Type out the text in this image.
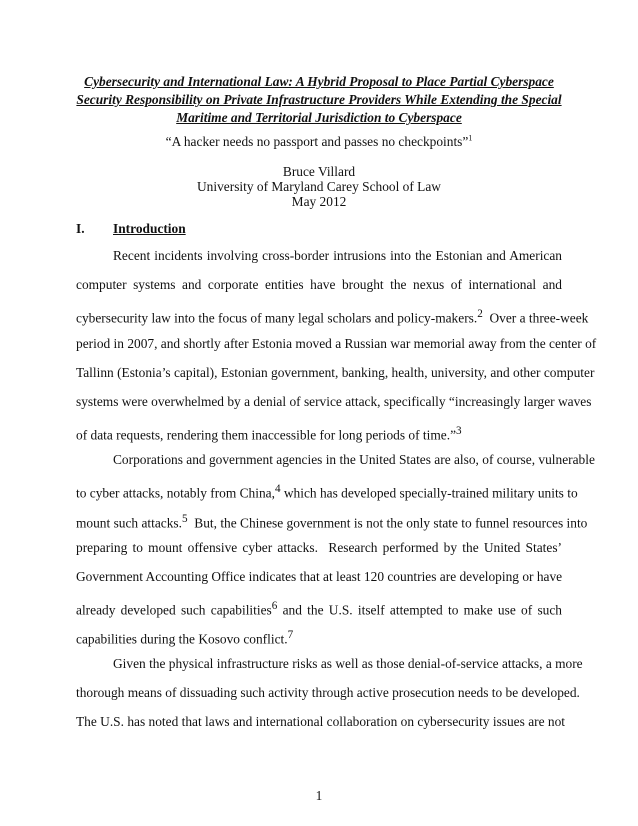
Cybersecurity and International Law: A Hybrid Proposal to Place Partial Cyberspace
Security Responsibility on Private Infrastructure Providers While Extending the Special
Maritime and Territorial Jurisdiction to Cyberspace
“A hacker needs no passport and passes no checkpoints”$^1$
Bruce Villard
University of Maryland Carey School of Law
May 2012
I. Introduction
Recent incidents involving cross-border intrusions into the Estonian and American
computer systems and corporate entities have brought the nexus of international and
cybersecurity law into the focus of many legal scholars and policy-makers.$^2$  Over a three-week
period in 2007, and shortly after Estonia moved a Russian war memorial away from the center of
Tallinn (Estonia’s capital), Estonian government, banking, health, university, and other computer
systems were overwhelmed by a denial of service attack, specifically “increasingly larger waves
of data requests, rendering them inaccessible for long periods of time.”$^3$
Corporations and government agencies in the United States are also, of course, vulnerable
to cyber attacks, notably from China,$^4$ which has developed specially-trained military units to
mount such attacks.$^5$  But, the Chinese government is not the only state to funnel resources into
preparing to mount offensive cyber attacks.  Research performed by the United States’
Government Accounting Office indicates that at least 120 countries are developing or have
already developed such capabilities$^6$ and the U.S. itself attempted to make use of such
capabilities during the Kosovo conflict.$^7$
Given the physical infrastructure risks as well as those denial-of-service attacks, a more
thorough means of dissuading such activity through active prosecution needs to be developed.
The U.S. has noted that laws and international collaboration on cybersecurity issues are not
1
